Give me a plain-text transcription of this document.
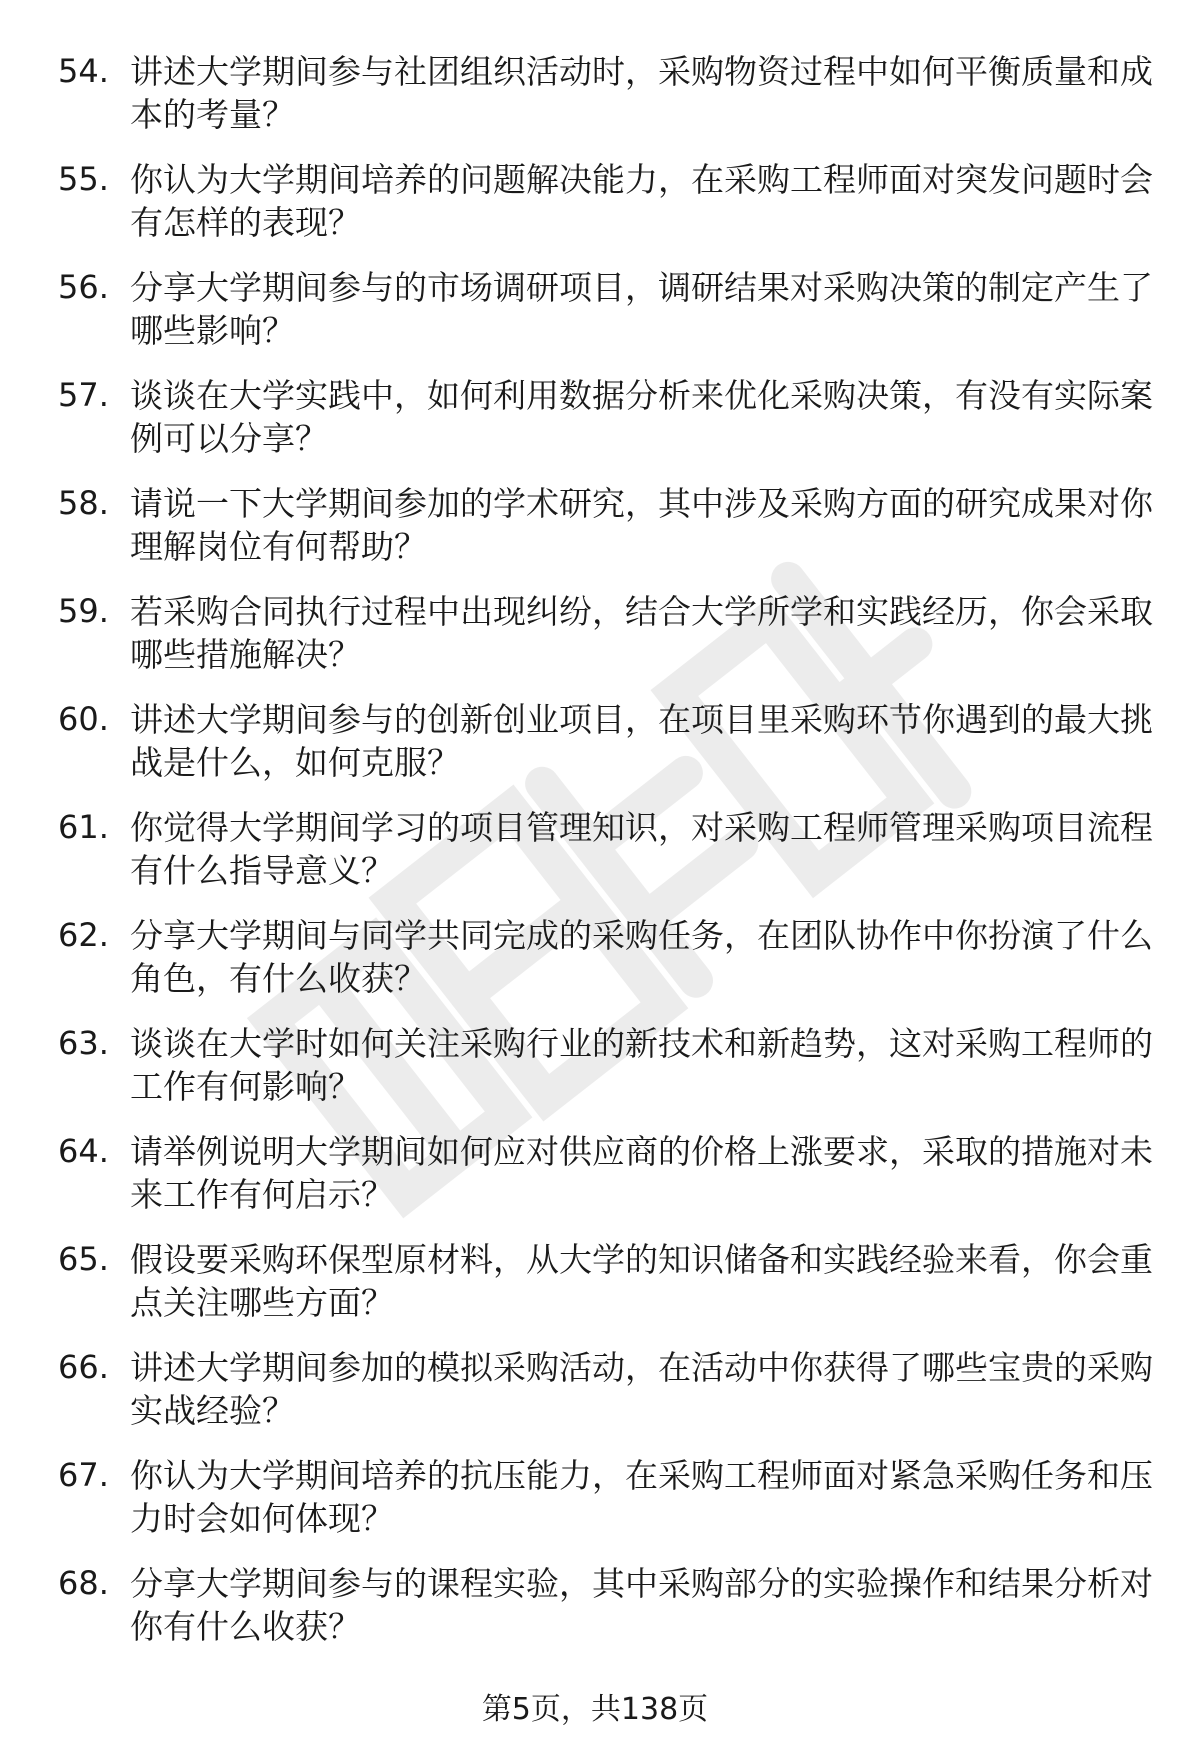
54. 讲述大学期间参与社团组织活动时，采购物资过程中如何平衡质量和成本的考量？
55. 你认为大学期间培养的问题解决能力，在采购工程师面对突发问题时会有怎样的表现？
56. 分享大学期间参与的市场调研项目，调研结果对采购决策的制定产生了哪些影响？
57. 谈谈在大学实践中，如何利用数据分析来优化采购决策，有没有实际案例可以分享？
58. 请说一下大学期间参加的学术研究，其中涉及采购方面的研究成果对你理解岗位有何帮助？
59. 若采购合同执行过程中出现纠纷，结合大学所学和实践经历，你会采取哪些措施解决？
60. 讲述大学期间参与的创新创业项目，在项目里采购环节你遇到的最大挑战是什么，如何克服？
61. 你觉得大学期间学习的项目管理知识，对采购工程师管理采购项目流程有什么指导意义？
62. 分享大学期间与同学共同完成的采购任务，在团队协作中你扮演了什么角色，有什么收获？
63. 谈谈在大学时如何关注采购行业的新技术和新趋势，这对采购工程师的工作有何影响？
64. 请举例说明大学期间如何应对供应商的价格上涨要求，采取的措施对未来工作有何启示？
65. 假设要采购环保型原材料，从大学的知识储备和实践经验来看，你会重点关注哪些方面？
66. 讲述大学期间参加的模拟采购活动，在活动中你获得了哪些宝贵的采购实战经验？
67. 你认为大学期间培养的抗压能力，在采购工程师面对紧急采购任务和压力时会如何体现？
68. 分享大学期间参与的课程实验，其中采购部分的实验操作和结果分析对你有什么收获？
第5页，共138页
